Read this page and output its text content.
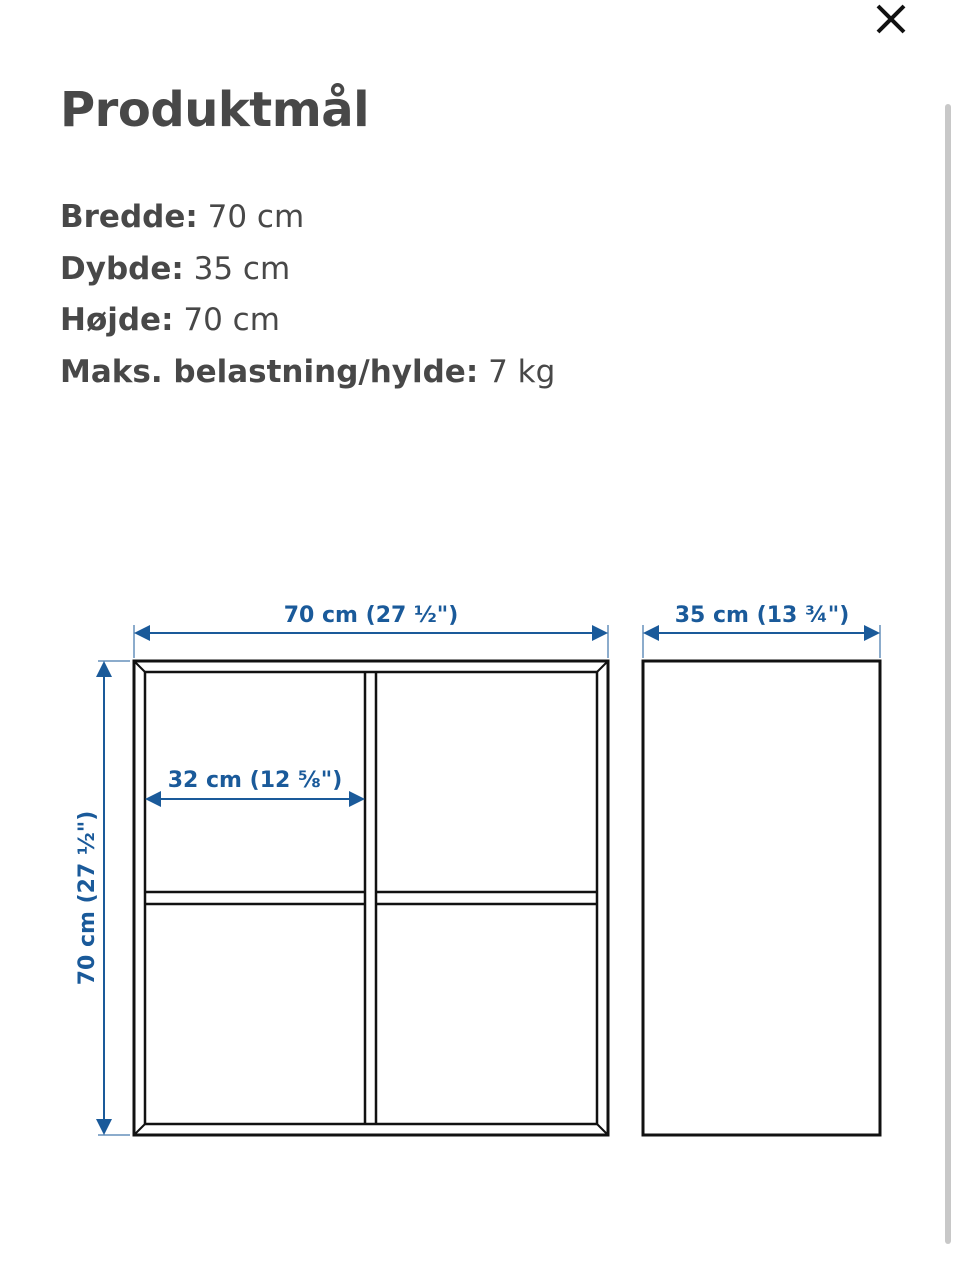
Produktmål
Bredde: 70 cm
Dybde: 35 cm
Højde: 70 cm
Maks. belastning/hylde: 7 kg
70 cm (27 ½")	35 cm (13 ¾")
32 cm (12 ⅝")
70 cm (27 ½")
